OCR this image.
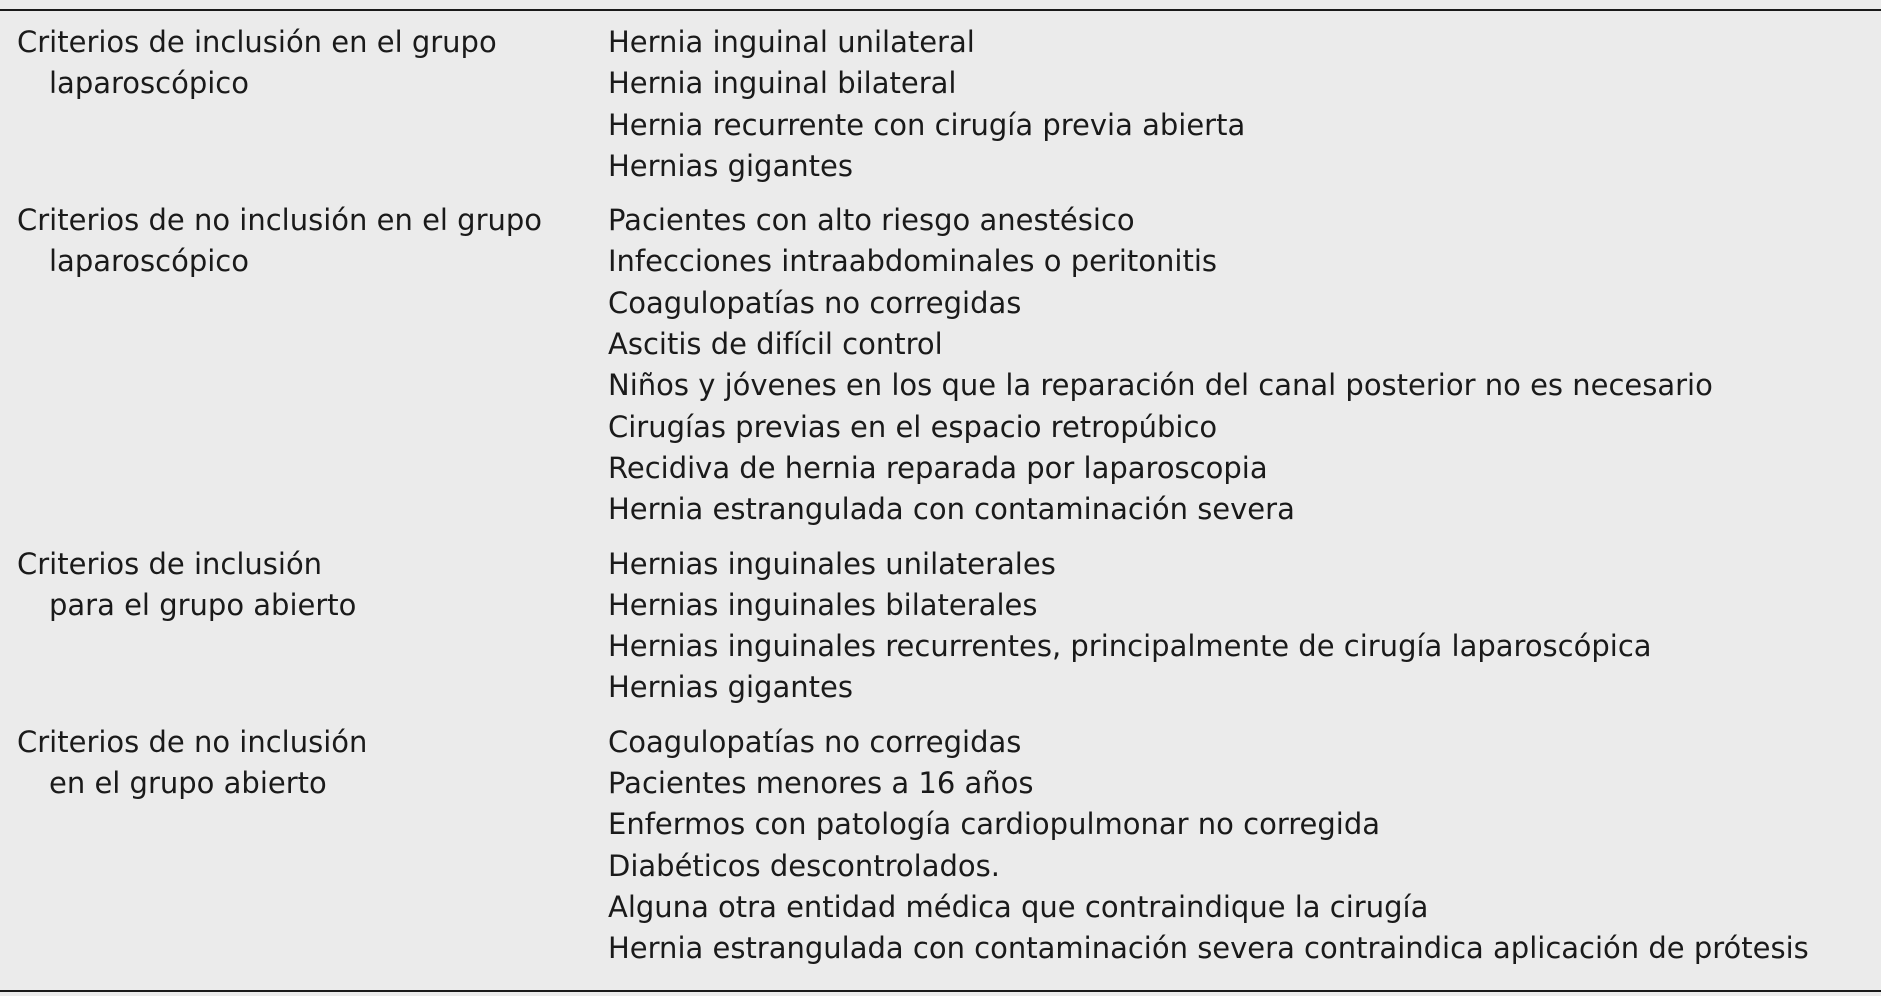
Criterios de inclusión en el grupo
laparoscópico
Hernia inguinal unilateral
Hernia inguinal bilateral
Hernia recurrente con cirugía previa abierta
Hernias gigantes
Criterios de no inclusión en el grupo
laparoscópico
Pacientes con alto riesgo anestésico
Infecciones intraabdominales o peritonitis
Coagulopatías no corregidas
Ascitis de difícil control
Niños y jóvenes en los que la reparación del canal posterior no es necesario
Cirugías previas en el espacio retropúbico
Recidiva de hernia reparada por laparoscopia
Hernia estrangulada con contaminación severa
Criterios de inclusión
para el grupo abierto
Hernias inguinales unilaterales
Hernias inguinales bilaterales
Hernias inguinales recurrentes, principalmente de cirugía laparoscópica
Hernias gigantes
Criterios de no inclusión
en el grupo abierto
Coagulopatías no corregidas
Pacientes menores a 16 años
Enfermos con patología cardiopulmonar no corregida
Diabéticos descontrolados.
Alguna otra entidad médica que contraindique la cirugía
Hernia estrangulada con contaminación severa contraindica aplicación de prótesis
